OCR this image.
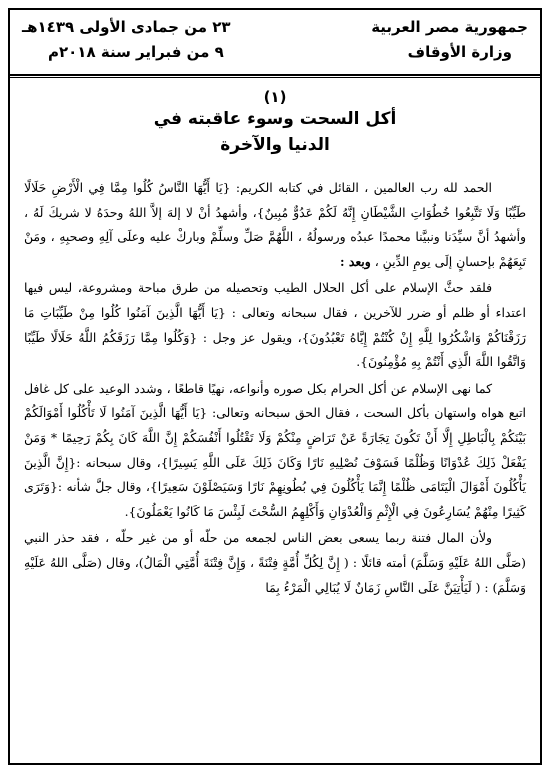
جمهورية مصر العربية
وزارة الأوقاف
٢٣ من جمادى الأولى ١٤٣٩هـ
٩ من فبراير سنة ٢٠١٨م
(١)
أكل السحت وسوء عاقبته في
الدنيا والآخرة

الحمد لله رب العالمين ، القائل في كتابه الكريم: {يَا أَيُّهَا النَّاسُ كُلُوا مِمَّا فِي الْأَرْضِ حَلَالًا طَيِّبًا وَلَا تَتَّبِعُوا خُطُوَاتِ الشَّيْطَانِ إِنَّهُ لَكُمْ عَدُوٌّ مُبِينٌ}، وأشهدُ أنْ لا إلهَ إلاَّ اللهُ وحدَهُ لا شريكَ لَهُ ، وأشهدُ أنَّ سيِّدَنا ونبيَّنا محمدًا عبدُه ورسولُهُ ، اللَّهُمَّ صَلِّ وسلِّمْ وباركْ عليه وعلَى آلِهِ وصحبِهِ ، ومَنْ تَبِعَهُمْ بإحسانٍ إلَى يومِ الدِّينِ ، وبعد :

فلقد حثَّ الإسلام على أكل الحلال الطيب وتحصيله من طرق مباحة ومشروعة، ليس فيها اعتداء أو ظلم أو ضرر للآخرين ، فقال سبحانه وتعالى : {يَا أَيُّهَا الَّذِينَ آمَنُوا كُلُوا مِنْ طَيِّبَاتِ مَا رَزَقْنَاكُمْ وَاشْكُرُوا لِلَّهِ إِنْ كُنْتُمْ إِيَّاهُ تَعْبُدُونَ}، ويقول عز وجل : {وَكُلُوا مِمَّا رَزَقَكُمُ اللَّهُ حَلَالًا طَيِّبًا وَاتَّقُوا اللَّهَ الَّذِي أَنْتُمْ بِهِ مُؤْمِنُونَ}.

كما نهى الإسلام عن أكل الحرام بكل صوره وأنواعه، نهيًا قاطعًا ، وشدد الوعيد على كل غافل اتبع هواه واستهان بأكل السحت ، فقال الحق سبحانه وتعالى: {يَا أَيُّهَا الَّذِينَ آمَنُوا لَا تَأْكُلُوا أَمْوَالَكُمْ بَيْنَكُمْ بِالْبَاطِلِ إِلَّا أَنْ تَكُونَ تِجَارَةً عَنْ تَرَاضٍ مِنْكُمْ وَلَا تَقْتُلُوا أَنْفُسَكُمْ إِنَّ اللَّهَ كَانَ بِكُمْ رَحِيمًا * وَمَنْ يَفْعَلْ ذَلِكَ عُدْوَانًا وَظُلْمًا فَسَوْفَ نُصْلِيهِ نَارًا وَكَانَ ذَلِكَ عَلَى اللَّهِ يَسِيرًا}، وقال سبحانه :{إِنَّ الَّذِينَ يَأْكُلُونَ أَمْوَالَ الْيَتَامَى ظُلْمًا إِنَّمَا يَأْكُلُونَ فِي بُطُونِهِمْ نَارًا وَسَيَصْلَوْنَ سَعِيرًا}، وقال جلَّ شأنه :{وَتَرَى كَثِيرًا مِنْهُمْ يُسَارِعُونَ فِي الْإِثْمِ وَالْعُدْوَانِ وَأَكْلِهِمُ السُّحْتَ لَبِئْسَ مَا كَانُوا يَعْمَلُونَ}.

ولأن المال فتنة ربما يسعى بعض الناس لجمعه من حلّه أو من غير حلّه ، فقد حذر النبي (صَلَّى اللهُ عَلَيْهِ وَسَلَّمَ) أمته قائلًا : ( إِنَّ لِكُلِّ أُمَّةٍ فِتْنَةً ، وَإِنَّ فِتْنَةَ أُمَّتِي الْمَالُ)، وقال (صَلَّى اللهُ عَلَيْهِ وَسَلَّمَ) : ( لَيَأْتِيَنَّ عَلَى النَّاسِ زَمَانٌ لَا يُبَالِي الْمَرْءُ بِمَا
